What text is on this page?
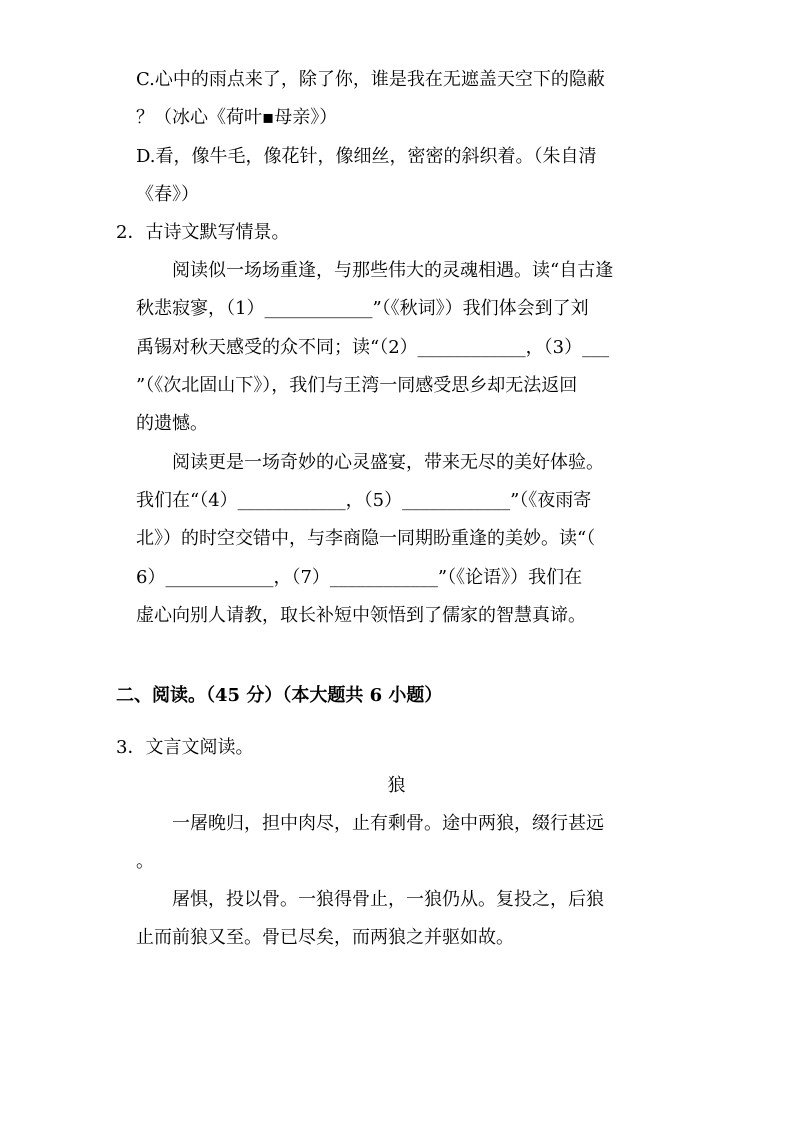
C.心中的雨点来了，除了你，谁是我在无遮盖天空下的隐蔽
？（冰心《荷叶▪母亲》）
D.看，像牛毛，像花针，像细丝，密密的斜织着。（朱自清
《春》）
2．古诗文默写情景。
阅读似一场场重逢，与那些伟大的灵魂相遇。读“自古逢
秋悲寂寥，（1）____________”（《秋词》）我们体会到了刘
禹锡对秋天感受的众不同；读“（2）____________，（3）___
”（《次北固山下》），我们与王湾一同感受思乡却无法返回
的遗憾。
阅读更是一场奇妙的心灵盛宴，带来无尽的美好体验。
我们在“（4）____________，（5）____________”（《夜雨寄
北》）的时空交错中，与李商隐一同期盼重逢的美妙。读“（
6）____________，（7）____________”（《论语》）我们在
虚心向别人请教，取长补短中领悟到了儒家的智慧真谛。
二、阅读。（45 分）（本大题共 6 小题）
3．文言文阅读。
狼
一屠晚归，担中肉尽，止有剩骨。途中两狼，缀行甚远
。
屠惧，投以骨。一狼得骨止，一狼仍从。复投之，后狼
止而前狼又至。骨已尽矣，而两狼之并驱如故。
